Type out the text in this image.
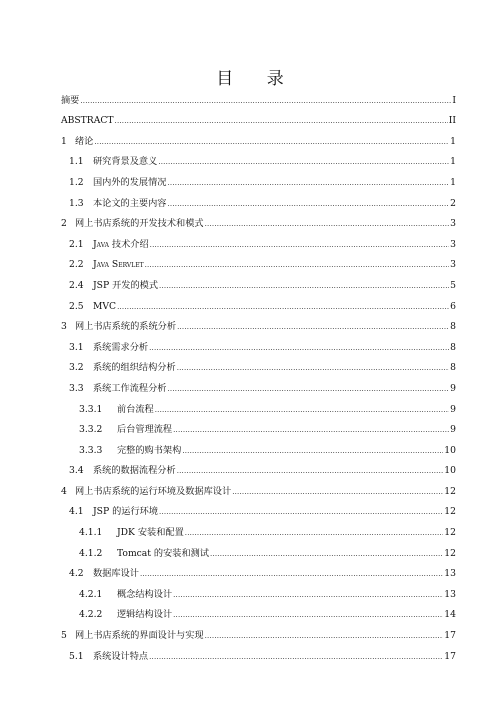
目 录
摘要 .....	I
ABSTRACT .....	II
1 绪论 .....	1
1.1	研究背景及意义 .....	1
1.2	国内外的发展情况 .....	1
1.3	本论文的主要内容 .....	2
2 网上书店系统的开发技术和模式 .....	3
2.1	Java 技术介绍 .....	3
2.2	Java Servlet .....	3
2.4	JSP 开发的模式 .....	5
2.5	MVC .....	6
3 网上书店系统的系统分析 .....	8
3.1	系统需求分析 .....	8
3.2	系统的组织结构分析 .....	8
3.3	系统工作流程分析 .....	9
3.3.1	前台流程 .....	9
3.3.2	后台管理流程 .....	9
3.3.3	完整的购书架构 .....	10
3.4	系统的数据流程分析 .....	10
4 网上书店系统的运行环境及数据库设计 .....	12
4.1	JSP 的运行环境 .....	12
4.1.1	JDK 安装和配置 .....	12
4.1.2	Tomcat 的安装和测试 .....	12
4.2	数据库设计 .....	13
4.2.1	概念结构设计 .....	13
4.2.2	逻辑结构设计 .....	14
5 网上书店系统的界面设计与实现 .....	17
5.1	系统设计特点 .....	17
